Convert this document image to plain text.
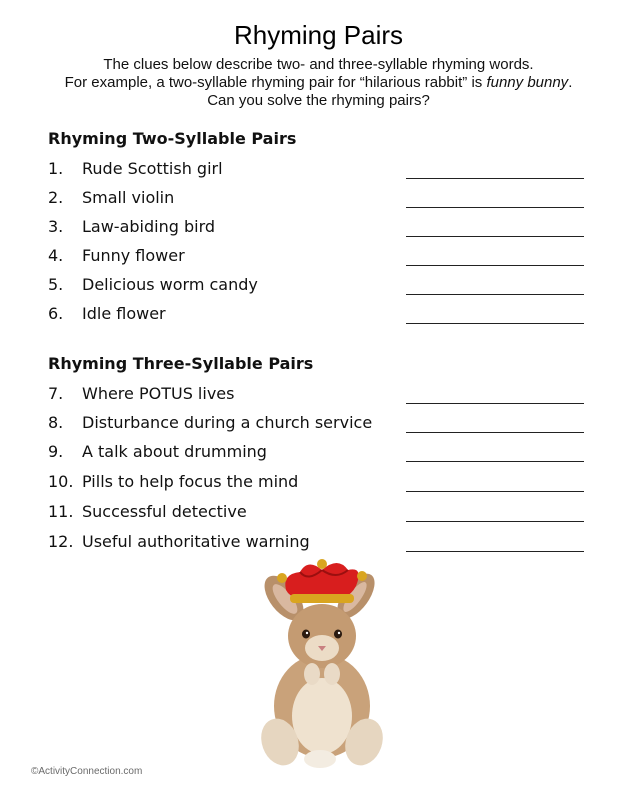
Rhyming Pairs
The clues below describe two- and three-syllable rhyming words.
For example, a two-syllable rhyming pair for “hilarious rabbit” is funny bunny.
Can you solve the rhyming pairs?
Rhyming Two-Syllable Pairs
1. Rude Scottish girl
2. Small violin
3. Law-abiding bird
4. Funny flower
5. Delicious worm candy
6. Idle flower
Rhyming Three-Syllable Pairs
7. Where POTUS lives
8. Disturbance during a church service
9. A talk about drumming
10. Pills to help focus the mind
11. Successful detective
12. Useful authoritative warning
©ActivityConnection.com
